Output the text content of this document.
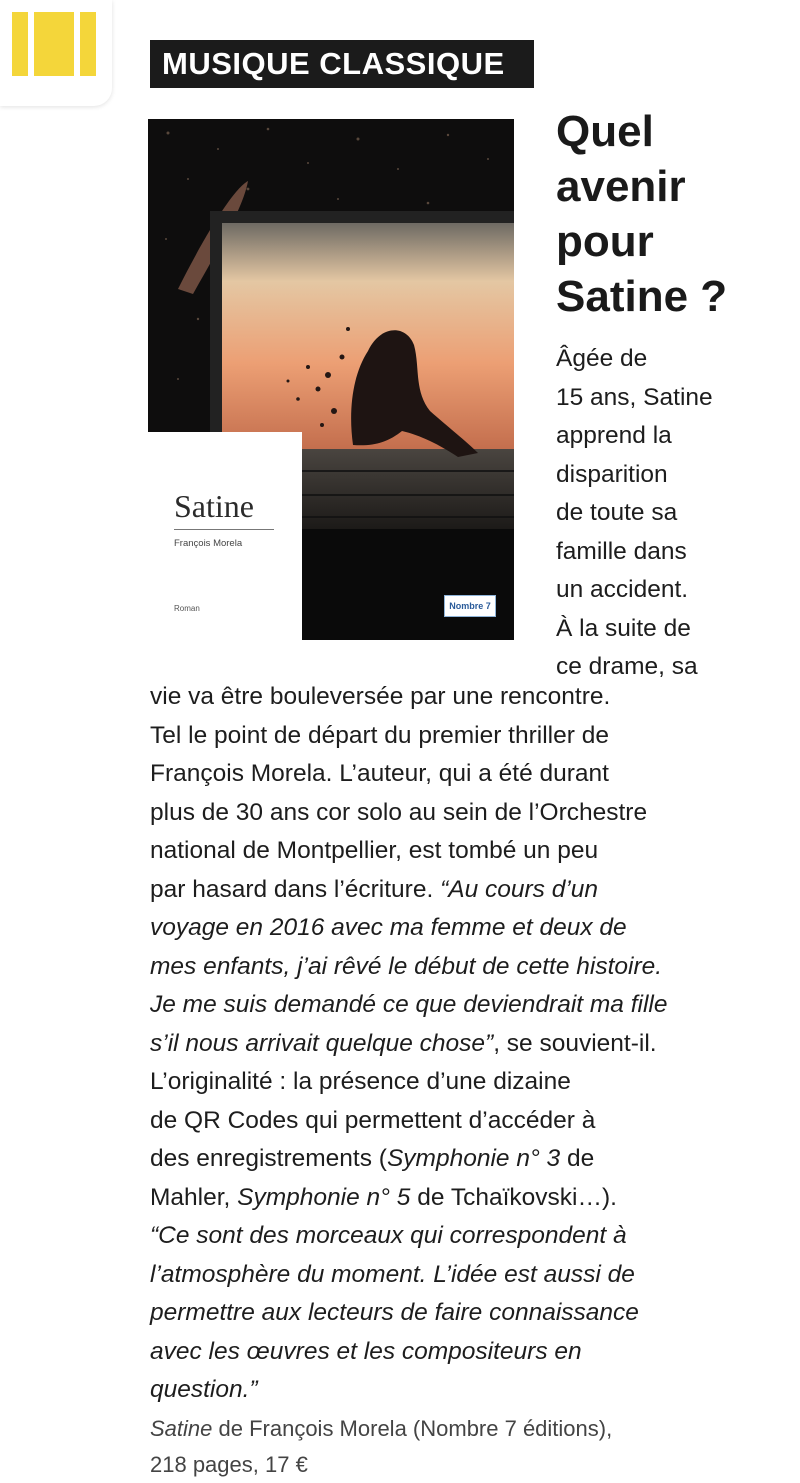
MUSIQUE CLASSIQUE
Satine
François Morela
Roman	Nombre 7
Quel
avenir
pour
Satine ?
Âgée de
15 ans, Satine
apprend la
disparition
de toute sa
famille dans
un accident.
À la suite de
ce drame, sa
vie va être bouleversée par une rencontre.
Tel le point de départ du premier thriller de
François Morela. L’auteur, qui a été durant
plus de 30 ans cor solo au sein de l’Orchestre
national de Montpellier, est tombé un peu
par hasard dans l’écriture. “Au cours d’un
voyage en 2016 avec ma femme et deux de
mes enfants, j’ai rêvé le début de cette histoire.
Je me suis demandé ce que deviendrait ma fille
s’il nous arrivait quelque chose”, se souvient-il.
L’originalité : la présence d’une dizaine
de QR Codes qui permettent d’accéder à
des enregistrements (Symphonie n° 3 de
Mahler, Symphonie n° 5 de Tchaïkovski…).
“Ce sont des morceaux qui correspondent à
l’atmosphère du moment. L’idée est aussi de
permettre aux lecteurs de faire connaissance
avec les œuvres et les compositeurs en
question.”
Satine de François Morela (Nombre 7 éditions),
218 pages, 17 €
